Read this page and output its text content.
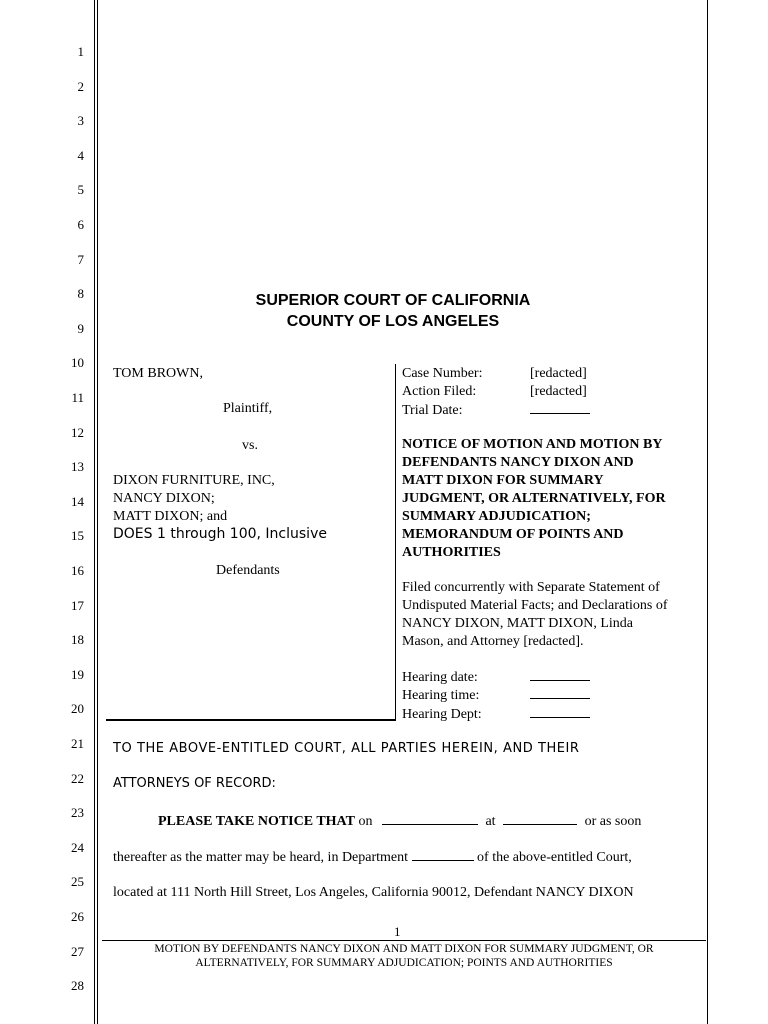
1
2
3
4
5
6
7
8
9
10
11
12
13
14
15
16
17
18
19
20
21
22
23
24
25
26
27
28
SUPERIOR COURT OF CALIFORNIA
COUNTY OF LOS ANGELES
TOM BROWN,
Plaintiff,
vs.
DIXON FURNITURE, INC,
NANCY DIXON;
MATT DIXON; and
DOES 1 through 100, Inclusive
Defendants
Case Number:	[redacted]
Action Filed:	[redacted]
Trial Date:
NOTICE OF MOTION AND MOTION BY
DEFENDANTS NANCY DIXON AND
MATT DIXON FOR SUMMARY
JUDGMENT, OR ALTERNATIVELY, FOR
SUMMARY ADJUDICATION;
MEMORANDUM OF POINTS AND
AUTHORITIES
Filed concurrently with Separate Statement of
Undisputed Material Facts; and Declarations of
NANCY DIXON, MATT DIXON, Linda
Mason, and Attorney [redacted].
Hearing date:
Hearing time:
Hearing Dept:
TO THE ABOVE-ENTITLED COURT, ALL PARTIES HEREIN, AND THEIR
ATTORNEYS OF RECORD:
PLEASE TAKE NOTICE THAT on	at	or as soon
thereafter as the matter may be heard, in Department	of the above-entitled Court,
located at 111 North Hill Street, Los Angeles, California 90012, Defendant NANCY DIXON
1
MOTION BY DEFENDANTS NANCY DIXON AND MATT DIXON FOR SUMMARY JUDGMENT, OR
ALTERNATIVELY, FOR SUMMARY ADJUDICATION; POINTS AND AUTHORITIES
